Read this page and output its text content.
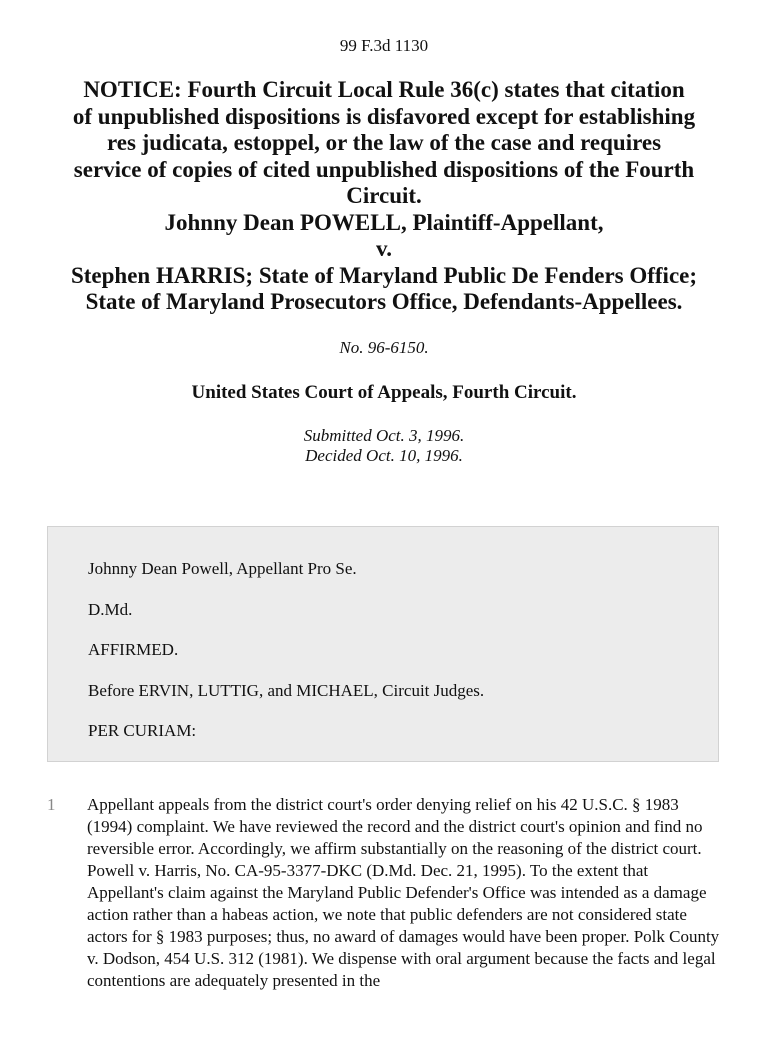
99 F.3d 1130
NOTICE: Fourth Circuit Local Rule 36(c) states that citation
of unpublished dispositions is disfavored except for establishing
res judicata, estoppel, or the law of the case and requires
service of copies of cited unpublished dispositions of the Fourth
Circuit.
Johnny Dean POWELL, Plaintiff-Appellant,
v.
Stephen HARRIS; State of Maryland Public De Fenders Office;
State of Maryland Prosecutors Office, Defendants-Appellees.
No. 96-6150.
United States Court of Appeals, Fourth Circuit.
Submitted Oct. 3, 1996.
Decided Oct. 10, 1996.

Johnny Dean Powell, Appellant Pro Se.

D.Md.

AFFIRMED.

Before ERVIN, LUTTIG, and MICHAEL, Circuit Judges.

PER CURIAM:

1 Appellant appeals from the district court's order denying relief on his 42 U.S.C. § 1983 (1994) complaint. We have reviewed the record and the district court's opinion and find no reversible error. Accordingly, we affirm substantially on the reasoning of the district court. Powell v. Harris, No. CA-95-3377-DKC (D.Md. Dec. 21, 1995). To the extent that Appellant's claim against the Maryland Public Defender's Office was intended as a damage action rather than a habeas action, we note that public defenders are not considered state actors for § 1983 purposes; thus, no award of damages would have been proper. Polk County v. Dodson, 454 U.S. 312 (1981). We dispense with oral argument because the facts and legal contentions are adequately presented in the
